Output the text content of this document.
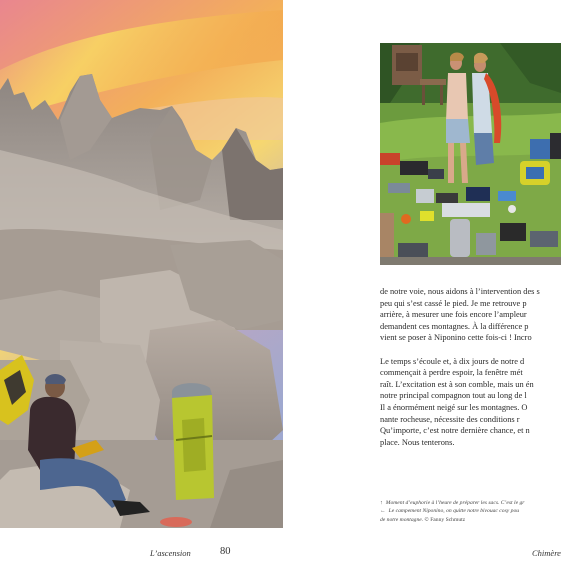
de notre voie, nous aidons à l’intervention des s
peu qui s’est cassé le pied. Je me retrouve p
arrière, à mesurer une fois encore l’ampleur
demandent ces montagnes. À la différence p
vient se poser à Niponino cette fois-ci ! Incro
Le temps s’écoule et, à dix jours de notre d
commençait à perdre espoir, la fenêtre mét
raît. L’excitation est à son comble, mais un én
notre principal compagnon tout au long de l
Il a énormément neigé sur les montagnes. O
nante rocheuse, nécessite des conditions r
Qu’importe, c’est notre dernière chance, et n
place. Nous tenterons.
↑ Moment d’euphorie à l’heure de préparer les sacs. C’est le gr
← Le campement Niponino, on quitte notre bivouac cosy pou
de notre montagne. © Fanny Schmutz
L’ascension	80	Chimère
